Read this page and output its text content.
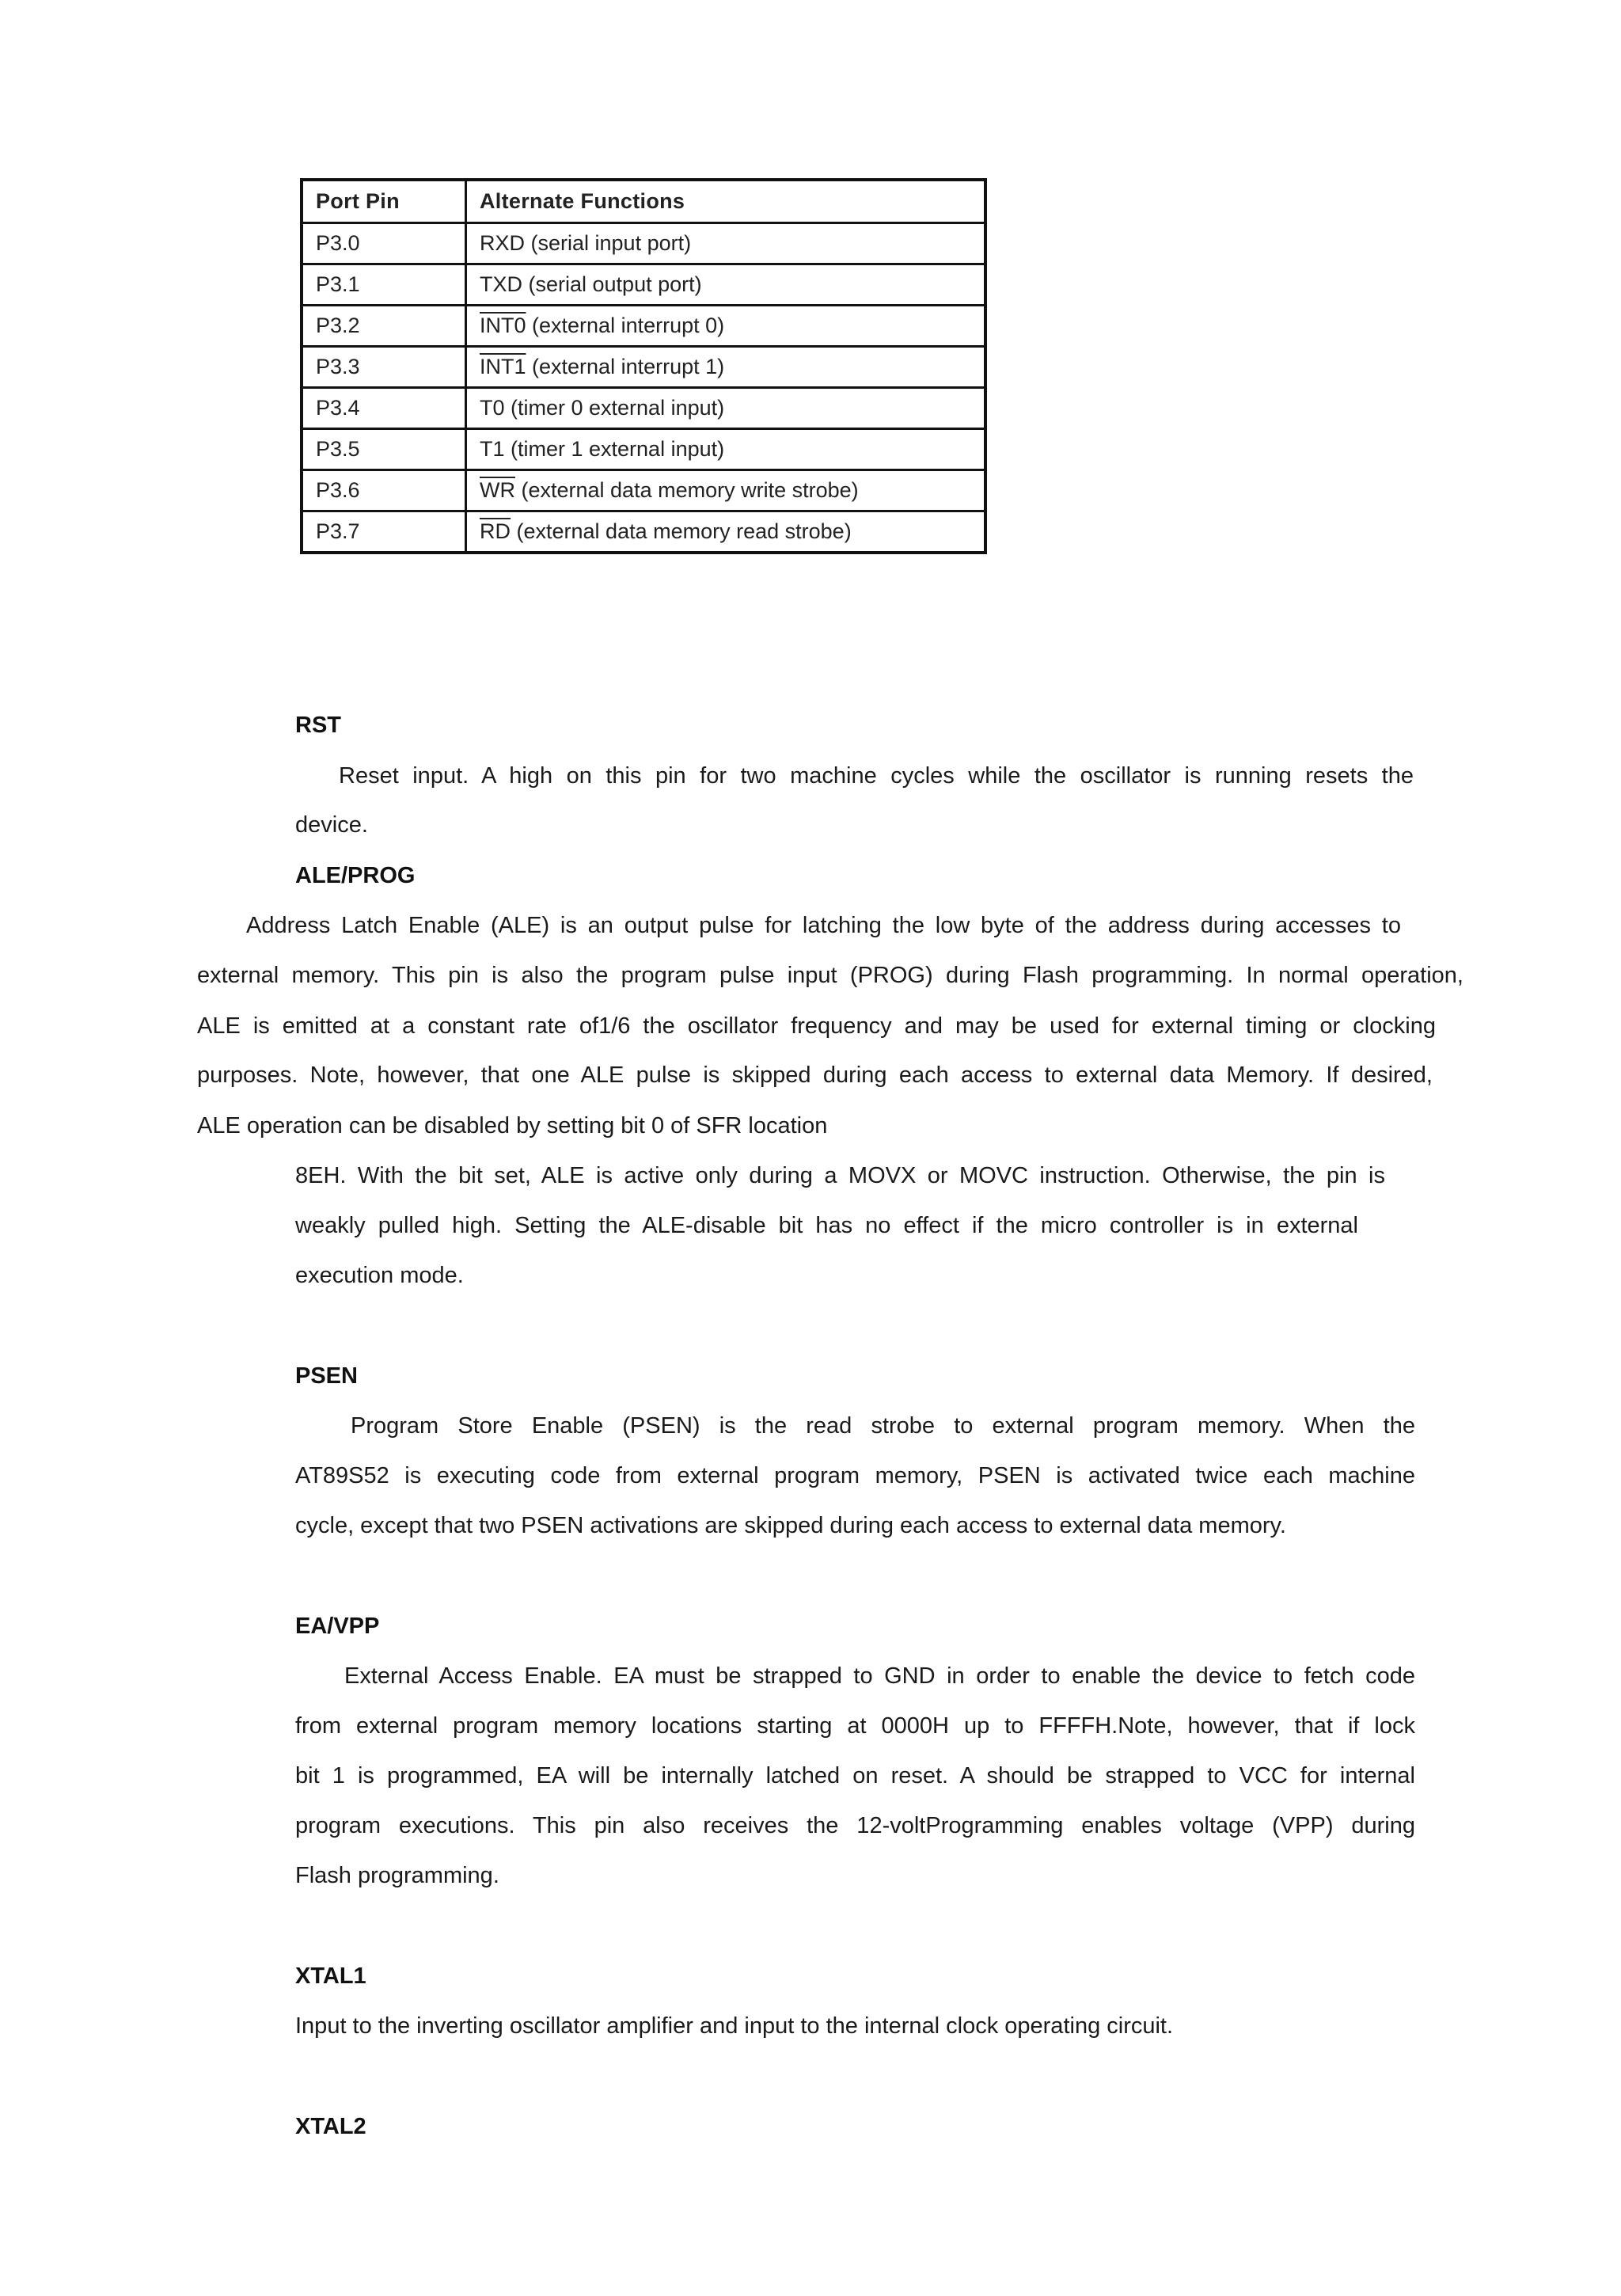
Port Pin	Alternate Functions
P3.0	RXD (serial input port)
P3.1	TXD (serial output port)
P3.2	INT0 (external interrupt 0)
P3.3	INT1 (external interrupt 1)
P3.4	T0 (timer 0 external input)
P3.5	T1 (timer 1 external input)
P3.6	$\overline{WR}$ (external data memory write strobe)
P3.7	$\overline{RD}$ (external data memory read strobe)
RST
Reset input. A high on this pin for two machine cycles while the oscillator is running resets the
device.
ALE/PROG
Address Latch Enable (ALE) is an output pulse for latching the low byte of the address during accesses to
external memory. This pin is also the program pulse input (PROG) during Flash programming. In normal operation,
ALE is emitted at a constant rate of1/6 the oscillator frequency and may be used for external timing or clocking
purposes. Note, however, that one ALE pulse is skipped during each access to external data Memory. If desired,
ALE operation can be disabled by setting bit 0 of SFR location
8EH. With the bit set, ALE is active only during a MOVX or MOVC instruction. Otherwise, the pin is
weakly pulled high. Setting the ALE-disable bit has no effect if the micro controller is in external
execution mode.
PSEN
Program Store Enable (PSEN) is the read strobe to external program memory. When the
AT89S52 is executing code from external program memory, PSEN is activated twice each machine
cycle, except that two PSEN activations are skipped during each access to external data memory.
EA/VPP
External Access Enable. EA must be strapped to GND in order to enable the device to fetch code
from external program memory locations starting at 0000H up to FFFFH.Note, however, that if lock
bit 1 is programmed, EA will be internally latched on reset. A should be strapped to VCC for internal
program executions. This pin also receives the 12-voltProgramming enables voltage (VPP) during
Flash programming.
XTAL1
Input to the inverting oscillator amplifier and input to the internal clock operating circuit.
XTAL2
